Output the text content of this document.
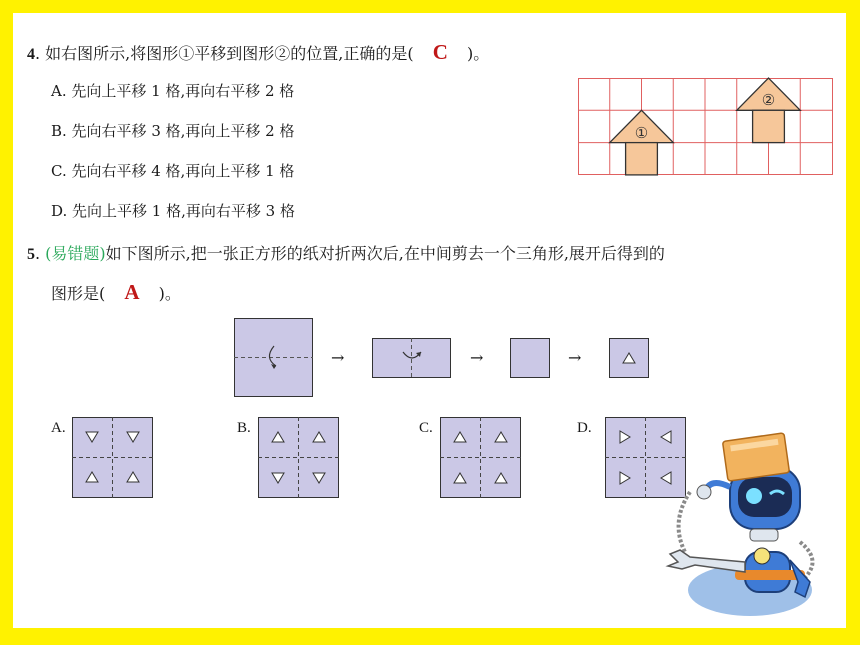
4. 如右图所示,将图形①平移到图形②的位置,正确的是( C )。
A. 先向上平移 1 格,再向右平移 2 格
B. 先向右平移 3 格,再向上平移 2 格
C. 先向右平移 4 格,再向上平移 1 格
D. 先向上平移 1 格,再向右平移 3 格
①
②
5. (易错题)如下图所示,把一张正方形的纸对折两次后,在中间剪去一个三角形,展开后得到的
图形是( A )。
→	→	→
A.	B.	C.	D.
